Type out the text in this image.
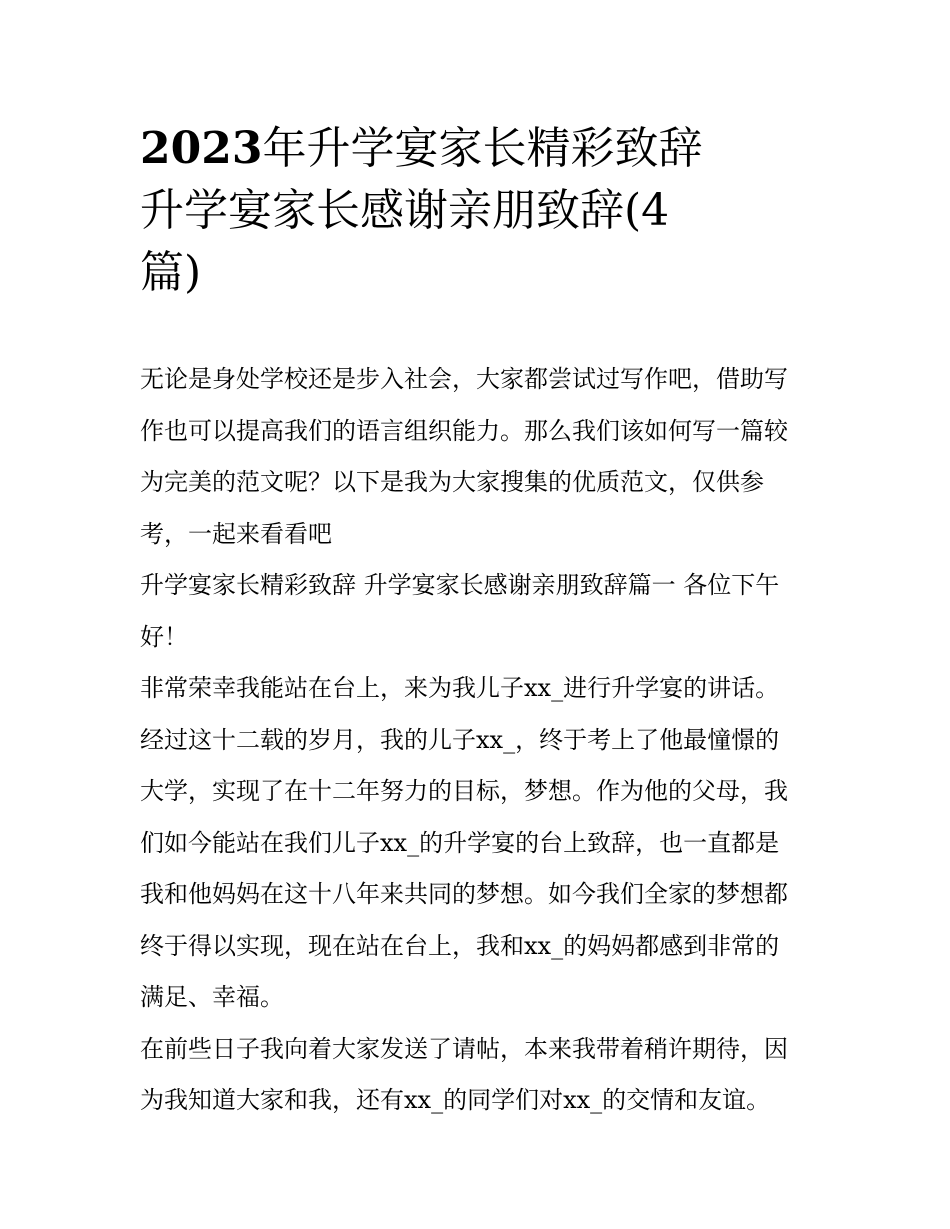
2023年升学宴家长精彩致辞
升学宴家长感谢亲朋致辞(4
篇)
无论是身处学校还是步入社会，大家都尝试过写作吧，借助写
作也可以提高我们的语言组织能力。那么我们该如何写一篇较
为完美的范文呢？以下是我为大家搜集的优质范文，仅供参
考，一起来看看吧
升学宴家长精彩致辞 升学宴家长感谢亲朋致辞篇一 各位下午
好！
非常荣幸我能站在台上，来为我儿子xx_进行升学宴的讲话。
经过这十二载的岁月，我的儿子xx_，终于考上了他最憧憬的
大学，实现了在十二年努力的目标，梦想。作为他的父母，我
们如今能站在我们儿子xx_的升学宴的台上致辞，也一直都是
我和他妈妈在这十八年来共同的梦想。如今我们全家的梦想都
终于得以实现，现在站在台上，我和xx_的妈妈都感到非常的
满足、幸福。
在前些日子我向着大家发送了请帖，本来我带着稍许期待，因
为我知道大家和我，还有xx_的同学们对xx_的交情和友谊。
